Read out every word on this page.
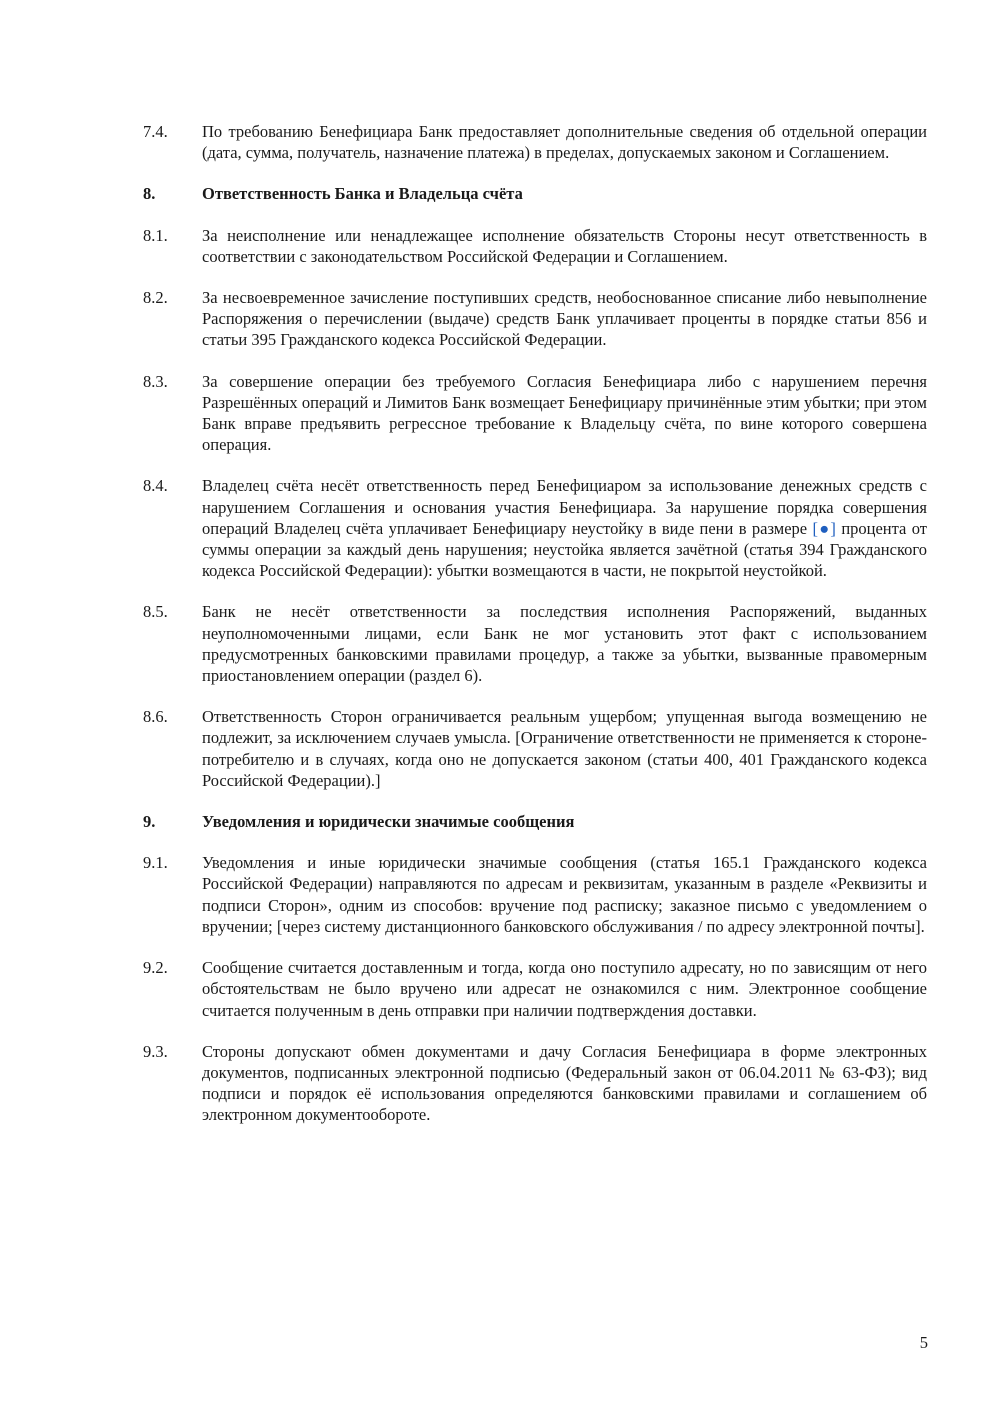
7.4. По требованию Бенефициара Банк предоставляет дополнительные сведения об отдельной операции (дата, сумма, получатель, назначение платежа) в пределах, допускаемых законом и Соглашением.
8.	Ответственность Банка и Владельца счёта
8.1. За неисполнение или ненадлежащее исполнение обязательств Стороны несут ответственность в соответствии с законодательством Российской Федерации и Соглашением.
8.2. За несвоевременное зачисление поступивших средств, необоснованное списание либо невыполнение Распоряжения о перечислении (выдаче) средств Банк уплачивает проценты в порядке статьи 856 и статьи 395 Гражданского кодекса Российской Федерации.
8.3. За совершение операции без требуемого Согласия Бенефициара либо с нарушением перечня Разрешённых операций и Лимитов Банк возмещает Бенефициару причинённые этим убытки; при этом Банк вправе предъявить регрессное требование к Владельцу счёта, по вине которого совершена операция.
8.4. Владелец счёта несёт ответственность перед Бенефициаром за использование денежных средств с нарушением Соглашения и основания участия Бенефициара. За нарушение порядка совершения операций Владелец счёта уплачивает Бенефициару неустойку в виде пени в размере [●] процента от суммы операции за каждый день нарушения; неустойка является зачётной (статья 394 Гражданского кодекса Российской Федерации): убытки возмещаются в части, не покрытой неустойкой.
8.5. Банк не несёт ответственности за последствия исполнения Распоряжений, выданных неуполномоченными лицами, если Банк не мог установить этот факт с использованием предусмотренных банковскими правилами процедур, а также за убытки, вызванные правомерным приостановлением операции (раздел 6).
8.6. Ответственность Сторон ограничивается реальным ущербом; упущенная выгода возмещению не подлежит, за исключением случаев умысла. [Ограничение ответственности не применяется к стороне-потребителю и в случаях, когда оно не допускается законом (статьи 400, 401 Гражданского кодекса Российской Федерации).]
9.	Уведомления и юридически значимые сообщения
9.1. Уведомления и иные юридически значимые сообщения (статья 165.1 Гражданского кодекса Российской Федерации) направляются по адресам и реквизитам, указанным в разделе «Реквизиты и подписи Сторон», одним из способов: вручение под расписку; заказное письмо с уведомлением о вручении; [через систему дистанционного банковского обслуживания / по адресу электронной почты].
9.2. Сообщение считается доставленным и тогда, когда оно поступило адресату, но по зависящим от него обстоятельствам не было вручено или адресат не ознакомился с ним. Электронное сообщение считается полученным в день отправки при наличии подтверждения доставки.
9.3. Стороны допускают обмен документами и дачу Согласия Бенефициара в форме электронных документов, подписанных электронной подписью (Федеральный закон от 06.04.2011 № 63-ФЗ); вид подписи и порядок её использования определяются банковскими правилами и соглашением об электронном документообороте.
5
